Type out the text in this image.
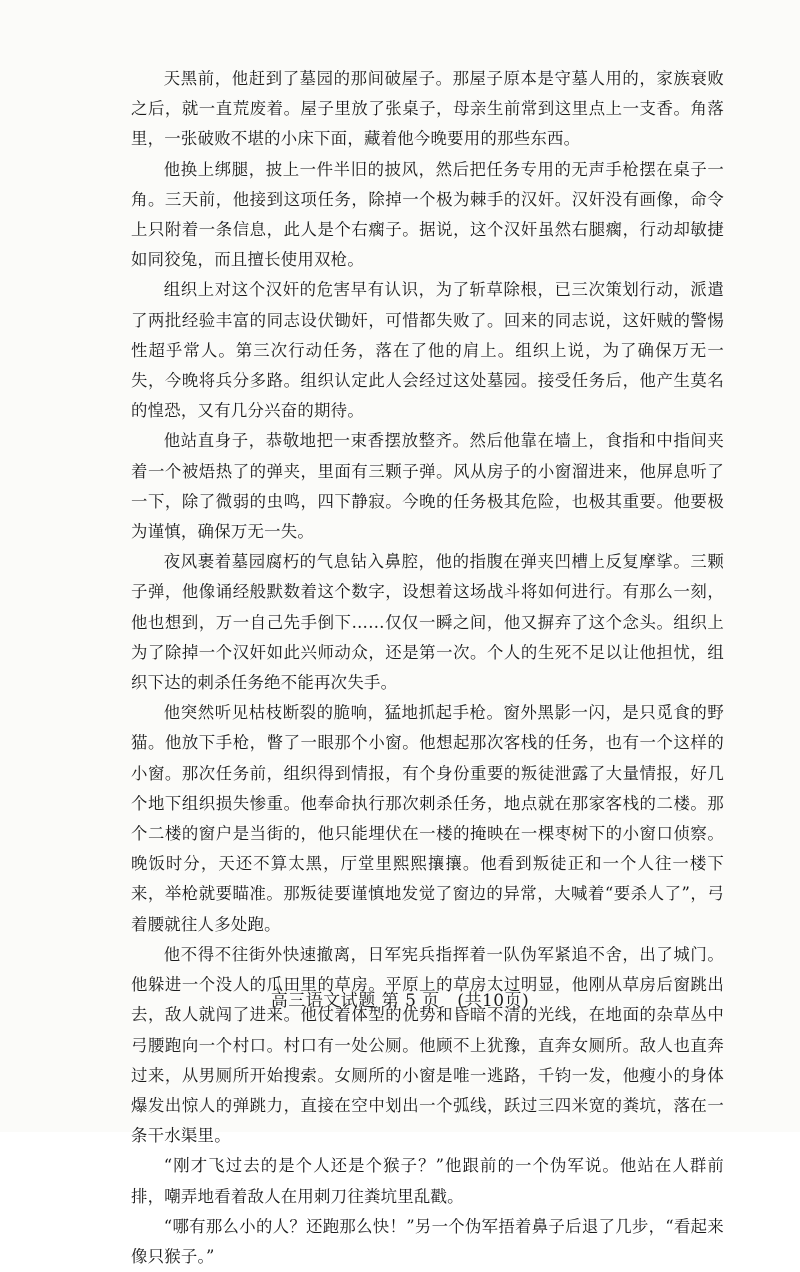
天黑前，他赶到了墓园的那间破屋子。那屋子原本是守墓人用的，家族衰败之后，就一直荒废着。屋子里放了张桌子，母亲生前常到这里点上一支香。角落里，一张破败不堪的小床下面，藏着他今晚要用的那些东西。

他换上绑腿，披上一件半旧的披风，然后把任务专用的无声手枪摆在桌子一角。三天前，他接到这项任务，除掉一个极为棘手的汉奸。汉奸没有画像，命令上只附着一条信息，此人是个右瘸子。据说，这个汉奸虽然右腿瘸，行动却敏捷如同狡兔，而且擅长使用双枪。

组织上对这个汉奸的危害早有认识，为了斩草除根，已三次策划行动，派遣了两批经验丰富的同志设伏锄奸，可惜都失败了。回来的同志说，这奸贼的警惕性超乎常人。第三次行动任务，落在了他的肩上。组织上说，为了确保万无一失，今晚将兵分多路。组织认定此人会经过这处墓园。接受任务后，他产生莫名的惶恐，又有几分兴奋的期待。

他站直身子，恭敬地把一束香摆放整齐。然后他靠在墙上，食指和中指间夹着一个被焐热了的弹夹，里面有三颗子弹。风从房子的小窗溜进来，他屏息听了一下，除了微弱的虫鸣，四下静寂。今晚的任务极其危险，也极其重要。他要极为谨慎，确保万无一失。

夜风裹着墓园腐朽的气息钻入鼻腔，他的指腹在弹夹凹槽上反复摩挲。三颗子弹，他像诵经般默数着这个数字，设想着这场战斗将如何进行。有那么一刻，他也想到，万一自己先手倒下……仅仅一瞬之间，他又摒弃了这个念头。组织上为了除掉一个汉奸如此兴师动众，还是第一次。个人的生死不足以让他担忧，组织下达的刺杀任务绝不能再次失手。

他突然听见枯枝断裂的脆响，猛地抓起手枪。窗外黑影一闪，是只觅食的野猫。他放下手枪，瞥了一眼那个小窗。他想起那次客栈的任务，也有一个这样的小窗。那次任务前，组织得到情报，有个身份重要的叛徒泄露了大量情报，好几个地下组织损失惨重。他奉命执行那次刺杀任务，地点就在那家客栈的二楼。那个二楼的窗户是当街的，他只能埋伏在一楼的掩映在一棵枣树下的小窗口侦察。晚饭时分，天还不算太黑，厅堂里熙熙攘攘。他看到叛徒正和一个人往一楼下来，举枪就要瞄准。那叛徒要谨慎地发觉了窗边的异常，大喊着“要杀人了”，弓着腰就往人多处跑。

他不得不往街外快速撤离，日军宪兵指挥着一队伪军紧追不舍，出了城门。他躲进一个没人的瓜田里的草房。平原上的草房太过明显，他刚从草房后窗跳出去，敌人就闯了进来。他仗着体型的优势和昏暗不清的光线，在地面的杂草丛中弓腰跑向一个村口。村口有一处公厕。他顾不上犹豫，直奔女厕所。敌人也直奔过来，从男厕所开始搜索。女厕所的小窗是唯一逃路，千钧一发，他瘦小的身体爆发出惊人的弹跳力，直接在空中划出一个弧线，跃过三四米宽的粪坑，落在一条干水渠里。

“刚才飞过去的是个人还是个猴子？”他跟前的一个伪军说。他站在人群前排，嘲弄地看着敌人在用刺刀往粪坑里乱戳。

“哪有那么小的人？还跑那么快！”另一个伪军捂着鼻子后退了几步，“看起来像只猴子。”

高三语文试题 第 5 页　(共10页)
